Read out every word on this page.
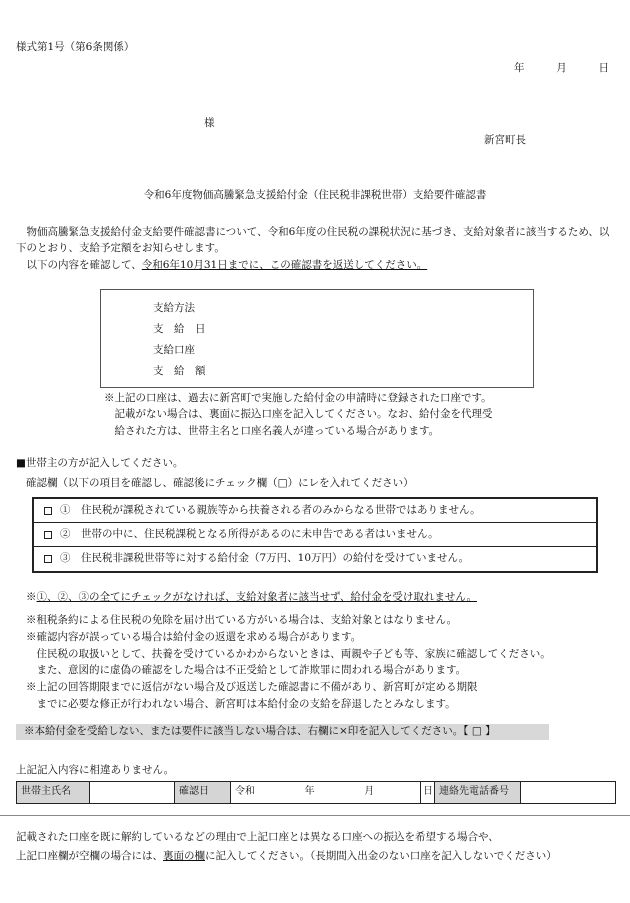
様式第1号（第6条関係）
年	月	日
様
新宮町長
令和6年度物価高騰緊急支援給付金（住民税非課税世帯）支給要件確認書

　物価高騰緊急支援給付金支給要件確認書について、令和6年度の住民税の課税状況に基づき、支給対象者に該当するため、以下のとおり、支給予定額をお知らせします。

　以下の内容を確認して、令和6年10月31日までに、この確認書を返送してください。

支給方法
支　給　日
支給口座
支　給　額
※上記の口座は、過去に新宮町で実施した給付金の申請時に登録された口座です。
　記載がない場合は、裏面に振込口座を記入してください。なお、給付金を代理受
　給された方は、世帯主名と口座名義人が違っている場合があります。
■世帯主の方が記入してください。
確認欄（以下の項目を確認し、確認後にチェック欄（□）にレを入れてください）
①　住民税が課税されている親族等から扶養される者のみからなる世帯ではありません。
②　世帯の中に、住民税課税となる所得があるのに未申告である者はいません。
③　住民税非課税世帯等に対する給付金（7万円、10万円）の給付を受けていません。
※①、②、③の全てにチェックがなければ、支給対象者に該当せず、給付金を受け取れません。
※租税条約による住民税の免除を届け出ている方がいる場合は、支給対象とはなりません。
※確認内容が誤っている場合は給付金の返還を求める場合があります。
　住民税の取扱いとして、扶養を受けているかわからないときは、両親や子ども等、家族に確認してください。
　また、意図的に虚偽の確認をした場合は不正受給として詐欺罪に問われる場合があります。
※上記の回答期限までに返信がない場合及び返送した確認書に不備があり、新宮町が定める期限
　までに必要な修正が行われない場合、新宮町は本給付金の支給を辞退したとみなします。
※本給付金を受給しない、または要件に該当しない場合は、右欄に×印を記入してください。【 □ 】
上記記入内容に相違ありません。
世帯主氏名	確認日	令和	年	月	日 連絡先電話番号
記載された口座を既に解約しているなどの理由で上記口座とは異なる口座への振込を希望する場合や、
上記口座欄が空欄の場合には、裏面の欄に記入してください。（長期間入出金のない口座を記入しないでください）
